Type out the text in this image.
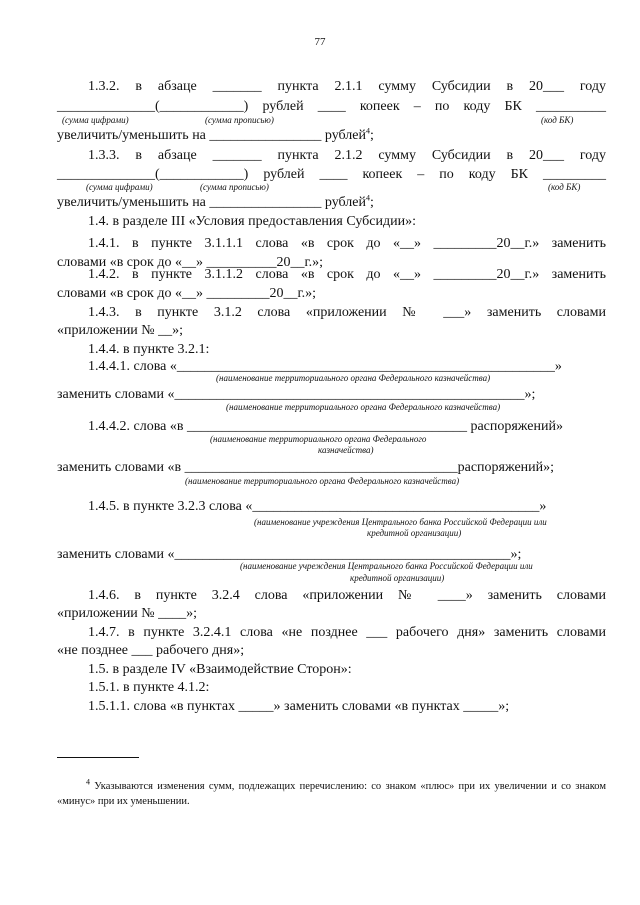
77
1.3.2. в абзаце _______ пункта 2.1.1 сумму Субсидии в 20___ году
______________(____________) рублей ____ копеек – по коду БК __________
(сумма цифрами)	(сумма прописью)	(код БК)
увеличить/уменьшить на ________________ рублей$^4$;
1.3.3. в абзаце _______ пункта 2.1.2 сумму Субсидии в 20___ году
______________(____________) рублей ____ копеек – по коду БК _________
(сумма цифрами)	(сумма прописью)	(код БК)
увеличить/уменьшить на ________________ рублей$^4$;
1.4. в разделе III «Условия предоставления Субсидии»:
1.4.1. в пункте 3.1.1.1 слова «в срок до «__» _________20__г.» заменить
словами «в срок до «__» __________20__г.»;
1.4.2. в пункте 3.1.1.2 слова «в срок до «__» _________20__г.» заменить
словами «в срок до «__» _________20__г.»;
1.4.3. в пункте 3.1.2 слова «приложении № ___» заменить словами
«приложении № __»;
1.4.4. в пункте 3.2.1:
1.4.4.1. слова «______________________________________________________»
(наименование территориального органа Федерального казначейства)
заменить словами «__________________________________________________»;
(наименование территориального органа Федерального казначейства)
1.4.4.2. слова «в ________________________________________ распоряжений»
(наименование территориального органа Федерального
казначейства)
заменить словами «в _______________________________________распоряжений»;
(наименование территориального органа Федерального казначейства)
1.4.5. в пункте 3.2.3 слова «_________________________________________»
(наименование учреждения Центрального банка Российской Федерации или
кредитной организации)
заменить словами «________________________________________________»;
(наименование учреждения Центрального банка Российской Федерации или
кредитной организации)
1.4.6. в пункте 3.2.4 слова «приложении № ____» заменить словами
«приложении № ____»;
1.4.7. в пункте 3.2.4.1 слова «не позднее ___ рабочего дня» заменить словами
«не позднее ___ рабочего дня»;
1.5. в разделе IV «Взаимодействие Сторон»:
1.5.1. в пункте 4.1.2:
1.5.1.1. слова «в пунктах _____» заменить словами «в пунктах _____»;
$^4$ Указываются изменения сумм, подлежащих перечислению: со знаком «плюс» при их увеличении и со знаком
«минус» при их уменьшении.
